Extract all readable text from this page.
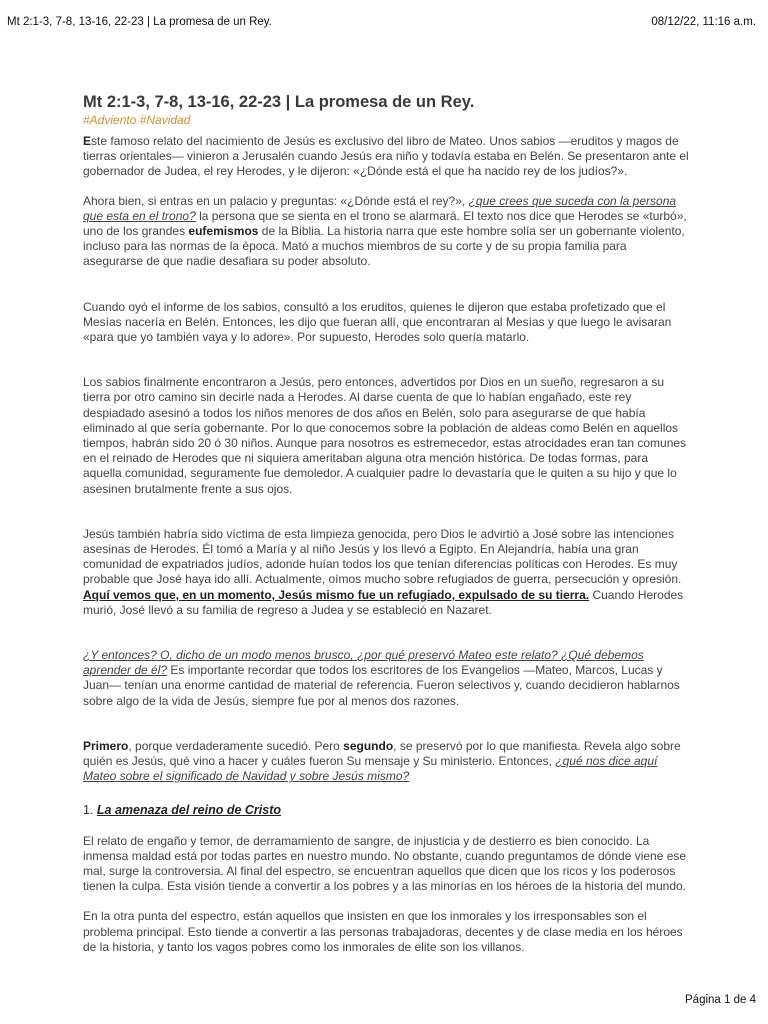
Mt 2:1-3, 7-8, 13-16, 22-23 | La promesa de un Rey.	08/12/22, 11:16 a.m.
Mt 2:1-3, 7-8, 13-16, 22-23 | La promesa de un Rey.
#Adviento #Navidad

Este famoso relato del nacimiento de Jesús es exclusivo del libro de Mateo. Unos sabios —eruditos y magos de tierras orientales— vinieron a Jerusalén cuando Jesús era niño y todavía estaba en Belén. Se presentaron ante el gobernador de Judea, el rey Herodes, y le dijeron: «¿Dónde está el que ha nacido rey de los judíos?».

Ahora bien, si entras en un palacio y preguntas: «¿Dónde está el rey?», ¿que crees que suceda con la persona que esta en el trono? la persona que se sienta en el trono se alarmará. El texto nos dice que Herodes se «turbó», uno de los grandes eufemismos de la Biblia. La historia narra que este hombre solía ser un gobernante violento, incluso para las normas de la época. Mató a muchos miembros de su corte y de su propia familia para asegurarse de que nadie desafiara su poder absoluto.

Cuando oyó el informe de los sabios, consultó a los eruditos, quienes le dijeron que estaba profetizado que el Mesías nacería en Belén. Entonces, les dijo que fueran allí, que encontraran al Mesías y que luego le avisaran «para que yo también vaya y lo adore». Por supuesto, Herodes solo quería matarlo.

Los sabios finalmente encontraron a Jesús, pero entonces, advertidos por Dios en un sueño, regresaron a su tierra por otro camino sin decirle nada a Herodes. Al darse cuenta de que lo habían engañado, este rey despiadado asesinó a todos los niños menores de dos años en Belén, solo para asegurarse de que había eliminado al que sería gobernante. Por lo que conocemos sobre la población de aldeas como Belén en aquellos tiempos, habrán sido 20 ó 30 niños. Aunque para nosotros es estremecedor, estas atrocidades eran tan comunes en el reinado de Herodes que ni siquiera ameritaban alguna otra mención histórica. De todas formas, para aquella comunidad, seguramente fue demoledor. A cualquier padre lo devastaría que le quiten a su hijo y que lo asesinen brutalmente frente a sus ojos.

Jesús también habría sido víctima de esta limpieza genocida, pero Dios le advirtió a José sobre las intenciones asesinas de Herodes. Él tomó a María y al niño Jesús y los llevó a Egipto. En Alejandría, había una gran comunidad de expatriados judíos, adonde huían todos los que tenían diferencias políticas con Herodes. Es muy probable que José haya ido allí. Actualmente, oímos mucho sobre refugiados de guerra, persecución y opresión. Aquí vemos que, en un momento, Jesús mismo fue un refugiado, expulsado de su tierra. Cuando Herodes murió, José llevó a su familia de regreso a Judea y se estableció en Nazaret.

¿Y entonces? O, dicho de un modo menos brusco, ¿por qué preservó Mateo este relato? ¿Qué debemos aprender de él? Es importante recordar que todos los escritores de los Evangelios —Mateo, Marcos, Lucas y Juan— tenían una enorme cantidad de material de referencia. Fueron selectivos y, cuando decidieron hablarnos sobre algo de la vida de Jesús, siempre fue por al menos dos razones.

Primero, porque verdaderamente sucedió. Pero segundo, se preservó por lo que manifiesta. Revela algo sobre quién es Jesús, qué vino a hacer y cuáles fueron Su mensaje y Su ministerio. Entonces, ¿qué nos dice aquí Mateo sobre el significado de Navidad y sobre Jesús mismo?

1. La amenaza del reino de Cristo

El relato de engaño y temor, de derramamiento de sangre, de injusticia y de destierro es bien conocido. La inmensa maldad está por todas partes en nuestro mundo. No obstante, cuando preguntamos de dónde viene ese mal, surge la controversia. Al final del espectro, se encuentran aquellos que dicen que los ricos y los poderosos tienen la culpa. Esta visión tiende a convertir a los pobres y a las minorías en los héroes de la historia del mundo.

En la otra punta del espectro, están aquellos que insisten en que los inmorales y los irresponsables son el problema principal. Esto tiende a convertir a las personas trabajadoras, decentes y de clase media en los héroes de la historia, y tanto los vagos pobres como los inmorales de elite son los villanos.

Página 1 de 4
